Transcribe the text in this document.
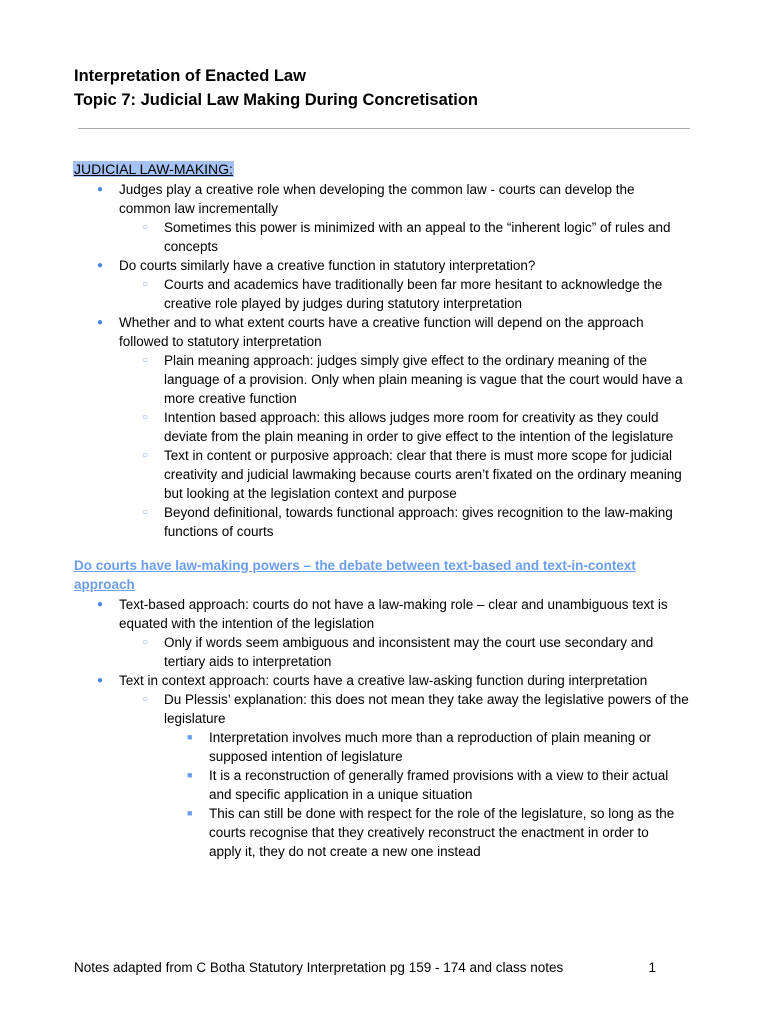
Interpretation of Enacted Law
Topic 7: Judicial Law Making During Concretisation

JUDICIAL LAW-MAKING:

●
Judges play a creative role when developing the common law - courts can develop the common law incrementally
○
Sometimes this power is minimized with an appeal to the “inherent logic” of rules and concepts
●
Do courts similarly have a creative function in statutory interpretation?
○
Courts and academics have traditionally been far more hesitant to acknowledge the creative role played by judges during statutory interpretation
●
Whether and to what extent courts have a creative function will depend on the approach followed to statutory interpretation
○
Plain meaning approach: judges simply give effect to the ordinary meaning of the language of a provision. Only when plain meaning is vague that the court would have a more creative function
○
Intention based approach: this allows judges more room for creativity as they could deviate from the plain meaning in order to give effect to the intention of the legislature
○
Text in content or purposive approach: clear that there is must more scope for judicial creativity and judicial lawmaking because courts aren’t fixated on the ordinary meaning but looking at the legislation context and purpose
○
Beyond definitional, towards functional approach: gives recognition to the law-making functions of courts

Do courts have law-making powers – the debate between text-based and text-in-context approach

●
Text-based approach: courts do not have a law-making role – clear and unambiguous text is equated with the intention of the legislation
○
Only if words seem ambiguous and inconsistent may the court use secondary and tertiary aids to interpretation
●
Text in context approach: courts have a creative law-asking function during interpretation
○
Du Plessis’ explanation: this does not mean they take away the legislative powers of the legislature
■
Interpretation involves much more than a reproduction of plain meaning or supposed intention of legislature
■
It is a reconstruction of generally framed provisions with a view to their actual and specific application in a unique situation
■
This can still be done with respect for the role of the legislature, so long as the courts recognise that they creatively reconstruct the enactment in order to apply it, they do not create a new one instead
Notes adapted from C Botha Statutory Interpretation pg 159 - 174 and class notes	1
